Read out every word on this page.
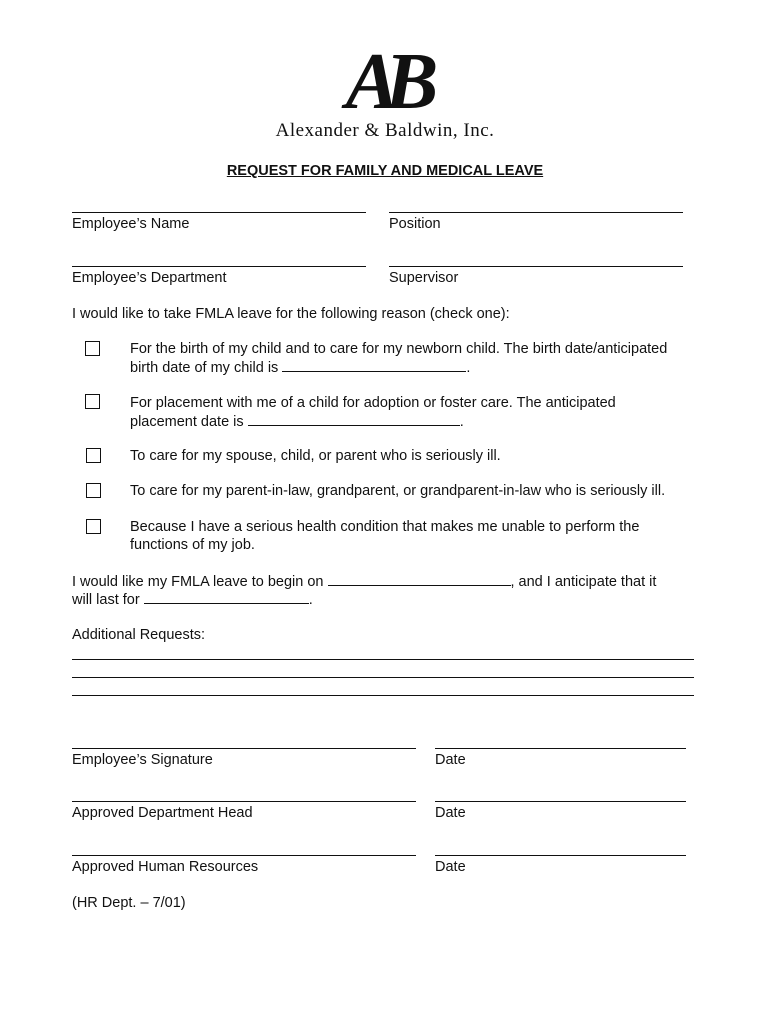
AB
Alexander & Baldwin, Inc.
REQUEST FOR FAMILY AND MEDICAL LEAVE
Employee’s Name	Position
Employee’s Department	Supervisor
I would like to take FMLA leave for the following reason (check one):
For the birth of my child and to care for my newborn child. The birth date/anticipated
birth date of my child is	.
For placement with me of a child for adoption or foster care. The anticipated
placement date is	.
To care for my spouse, child, or parent who is seriously ill.
To care for my parent-in-law, grandparent, or grandparent-in-law who is seriously ill.
Because I have a serious health condition that makes me unable to perform the
functions of my job.
I would like my FMLA leave to begin on	, and I anticipate that it
will last for	.
Additional Requests:
Employee’s Signature	Date
Approved Department Head	Date
Approved Human Resources	Date
(HR Dept. – 7/01)
